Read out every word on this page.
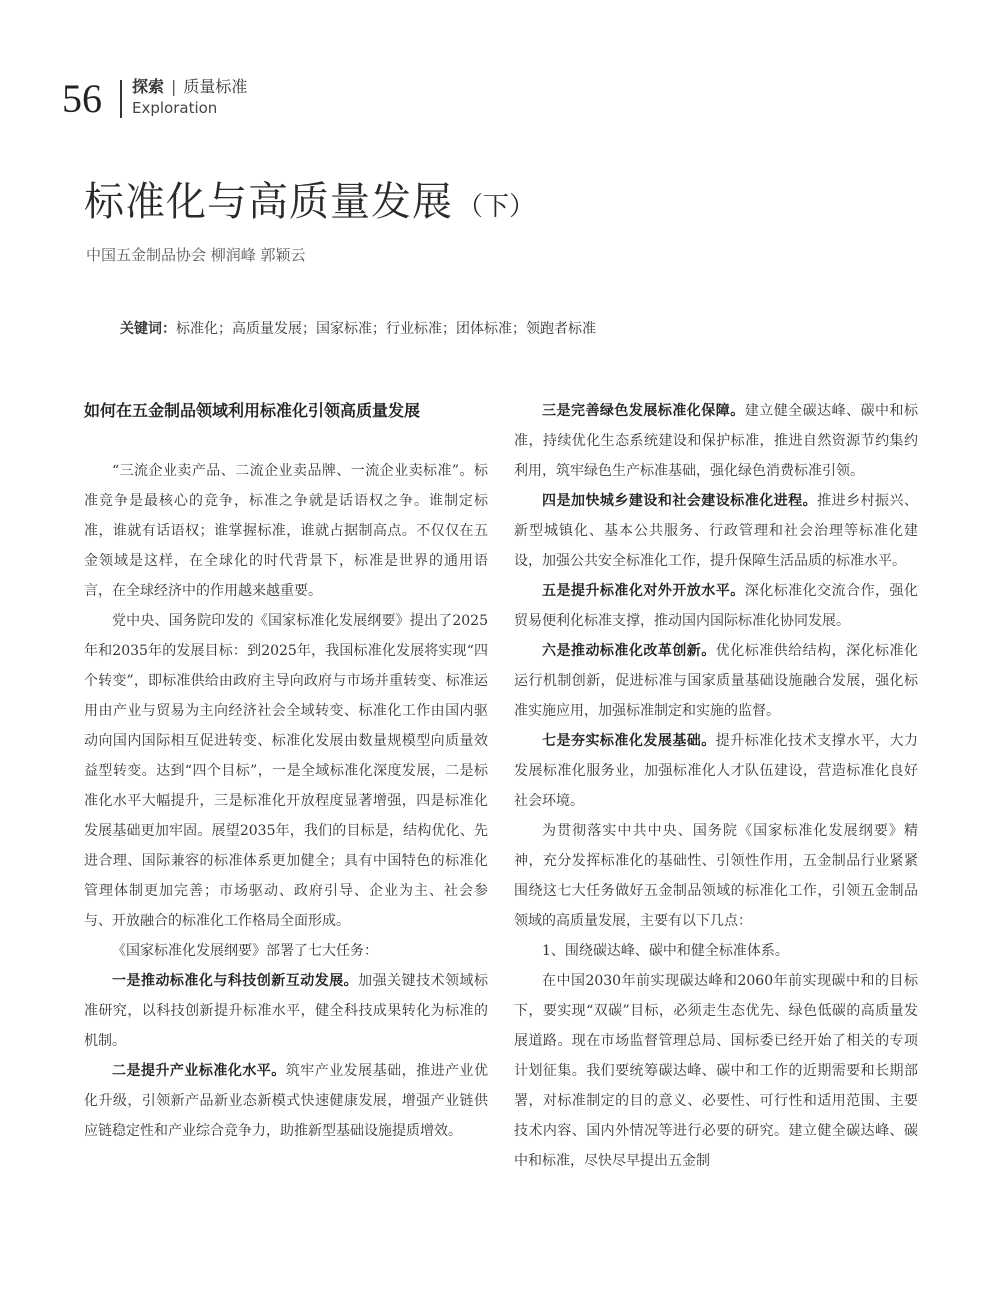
56 探索 | 质量标准
Exploration
标准化与高质量发展 （下）
中国五金制品协会 柳润峰 郭颖云
关键词：标准化；高质量发展；国家标准；行业标准；团体标准；领跑者标准
如何在五金制品领域利用标准化引领高质量发展

“三流企业卖产品、二流企业卖品牌、一流企业卖标准”。标准竞争是最核心的竞争，标准之争就是话语权之争。谁制定标准，谁就有话语权；谁掌握标准，谁就占据制高点。不仅仅在五金领域是这样，在全球化的时代背景下，标准是世界的通用语言，在全球经济中的作用越来越重要。

党中央、国务院印发的《国家标准化发展纲要》提出了2025年和2035年的发展目标：到2025年，我国标准化发展将实现“四个转变”，即标准供给由政府主导向政府与市场并重转变、标准运用由产业与贸易为主向经济社会全域转变、标准化工作由国内驱动向国内国际相互促进转变、标准化发展由数量规模型向质量效益型转变。达到“四个目标”，一是全域标准化深度发展，二是标准化水平大幅提升，三是标准化开放程度显著增强，四是标准化发展基础更加牢固。展望2035年，我们的目标是，结构优化、先进合理、国际兼容的标准体系更加健全；具有中国特色的标准化管理体制更加完善；市场驱动、政府引导、企业为主、社会参与、开放融合的标准化工作格局全面形成。

《国家标准化发展纲要》部署了七大任务：

一是推动标准化与科技创新互动发展。加强关键技术领域标准研究，以科技创新提升标准水平，健全科技成果转化为标准的机制。

二是提升产业标准化水平。筑牢产业发展基础，推进产业优化升级，引领新产品新业态新模式快速健康发展，增强产业链供应链稳定性和产业综合竞争力，助推新型基础设施提质增效。

三是完善绿色发展标准化保障。建立健全碳达峰、碳中和标准，持续优化生态系统建设和保护标准，推进自然资源节约集约利用，筑牢绿色生产标准基础，强化绿色消费标准引领。

四是加快城乡建设和社会建设标准化进程。推进乡村振兴、新型城镇化、基本公共服务、行政管理和社会治理等标准化建设，加强公共安全标准化工作，提升保障生活品质的标准水平。

五是提升标准化对外开放水平。深化标准化交流合作，强化贸易便利化标准支撑，推动国内国际标准化协同发展。

六是推动标准化改革创新。优化标准供给结构，深化标准化运行机制创新，促进标准与国家质量基础设施融合发展，强化标准实施应用，加强标准制定和实施的监督。

七是夯实标准化发展基础。提升标准化技术支撑水平，大力发展标准化服务业，加强标准化人才队伍建设，营造标准化良好社会环境。

为贯彻落实中共中央、国务院《国家标准化发展纲要》精神，充分发挥标准化的基础性、引领性作用，五金制品行业紧紧围绕这七大任务做好五金制品领域的标准化工作，引领五金制品领域的高质量发展，主要有以下几点：

1、围绕碳达峰、碳中和健全标准体系。

在中国2030年前实现碳达峰和2060年前实现碳中和的目标下，要实现“双碳”目标，必须走生态优先、绿色低碳的高质量发展道路。现在市场监督管理总局、国标委已经开始了相关的专项计划征集。我们要统筹碳达峰、碳中和工作的近期需要和长期部署，对标准制定的目的意义、必要性、可行性和适用范围、主要技术内容、国内外情况等进行必要的研究。建立健全碳达峰、碳中和标准，尽快尽早提出五金制
